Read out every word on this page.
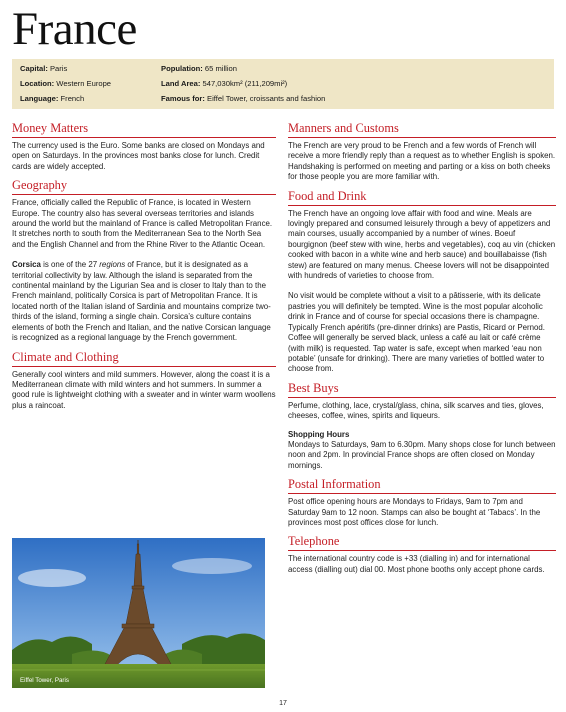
France
Capital: Paris
Location: Western Europe
Language: French
Population: 65 million
Land Area: 547,030km² (211,209mi²)
Famous for: Eiffel Tower, croissants and fashion
Money Matters

The currency used is the Euro. Some banks are closed on Mondays and open on Saturdays. In the provinces most banks close for lunch. Credit cards are widely accepted.

Geography

France, officially called the Republic of France, is located in Western Europe. The country also has several overseas territories and islands around the world but the mainland of France is called Metropolitan France. It stretches north to south from the Mediterranean Sea to the North Sea and the English Channel and from the Rhine River to the Atlantic Ocean.

Corsica is one of the 27 regions of France, but it is designated as a territorial collectivity by law. Although the island is separated from the continental mainland by the Ligurian Sea and is closer to Italy than to the French mainland, politically Corsica is part of Metropolitan France. It is located north of the Italian island of Sardinia and mountains comprize two-thirds of the island, forming a single chain. Corsica’s culture contains elements of both the French and Italian, and the native Corsican language is recognized as a regional language by the French government.

Climate and Clothing

Generally cool winters and mild summers. However, along the coast it is a Mediterranean climate with mild winters and hot summers. In summer a good rule is lightweight clothing with a sweater and in winter warm woollens plus a raincoat.

Eiffel Tower, Paris
Manners and Customs

The French are very proud to be French and a few words of French will receive a more friendly reply than a request as to whether English is spoken. Handshaking is performed on meeting and parting or a kiss on both cheeks for those people you are more familiar with.

Food and Drink

The French have an ongoing love affair with food and wine. Meals are lovingly prepared and consumed leisurely through a bevy of appetizers and main courses, usually accompanied by a number of wines. Boeuf bourgignon (beef stew with wine, herbs and vegetables), coq au vin (chicken cooked with bacon in a white wine and herb sauce) and bouillabaisse (fish stew) are featured on many menus. Cheese lovers will not be disappointed with hundreds of varieties to choose from.

No visit would be complete without a visit to a pâtisserie, with its delicate pastries you will definitely be tempted. Wine is the most popular alcoholic drink in France and of course for special occasions there is champagne. Typically French apéritifs (pre-dinner drinks) are Pastis, Ricard or Pernod. Coffee will generally be served black, unless a café au lait or café crème (with milk) is requested. Tap water is safe, except when marked ‘eau non potable’ (unsafe for drinking). There are many varieties of bottled water to choose from.

Best Buys

Perfume, clothing, lace, crystal/glass, china, silk scarves and ties, gloves, cheeses, coffee, wines, spirits and liqueurs.

Shopping Hours

Mondays to Saturdays, 9am to 6.30pm. Many shops close for lunch between noon and 2pm. In provincial France shops are often closed on Monday mornings.

Postal Information

Post office opening hours are Mondays to Fridays, 9am to 7pm and Saturday 9am to 12 noon. Stamps can also be bought at ‘Tabacs’. In the provinces most post offices close for lunch.

Telephone

The international country code is +33 (dialling in) and for international access (dialling out) dial 00. Most phone booths only accept phone cards.

17
